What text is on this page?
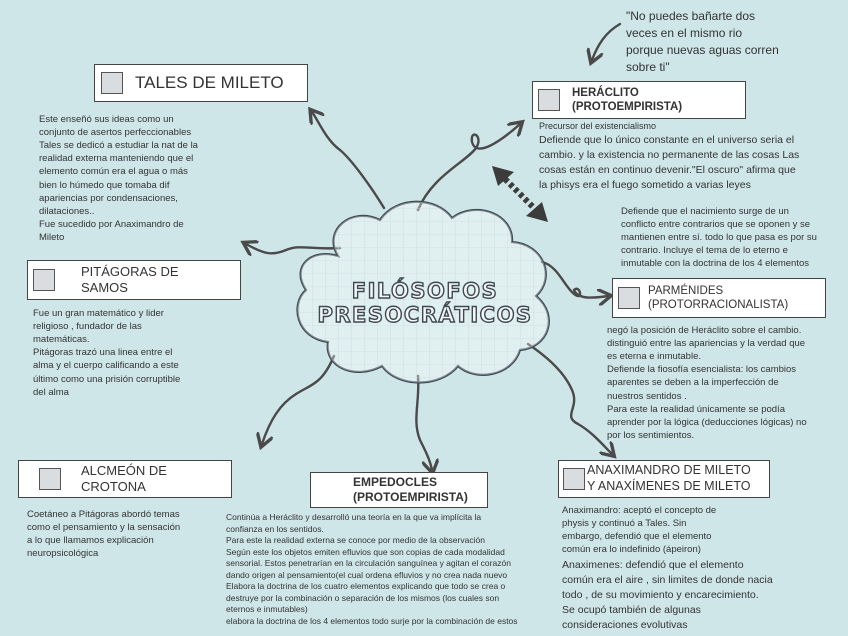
FILÓSOFOS
PRESOCRÁTICOS
"No puedes bañarte dos
veces en el mismo rio
porque nuevas aguas corren
sobre ti"
TALES DE MILETO
Este enseñó sus ideas como un
conjunto de asertos perfeccionables
Tales se dedicó a estudiar la nat de la
realidad externa manteniendo que el
elemento común era el agua o más
bien lo húmedo que tomaba dif
apariencias por condensaciones,
dilataciones..
Fue sucedido por Anaximandro de
Mileto
HERÁCLITO
(PROTOEMPIRISTA)
Precursor del existencialismo
Defiende que lo único constante en el universo seria el
cambio. y la existencia no permanente de las cosas Las
cosas están en continuo devenir."El oscuro" afirma que
la phisys era el fuego sometido a varias leyes
PITÁGORAS DE
SAMOS
Fue un gran matemático y lider
religioso , fundador de las
matemáticas.
Pitágoras trazó una linea entre el
alma y el cuerpo calificando a este
último como una prisión corruptible
del alma
Defiende que el nacimiento surge de un
conflicto entre contrarios que se oponen y se
mantienen entre sí. todo lo que pasa es por su
contrario. Incluye el tema de lo eterno e
inmutable con la doctrina de los 4 elementos
PARMÉNIDES
(PROTORRACIONALISTA)
negó la posición de Heráclito sobre el cambio.
distinguió entre las apariencias y la verdad que
es eterna e inmutable.
Defiende la fiosofía esencialista: los cambios
aparentes se deben a la imperfección de
nuestros sentidos .
Para este la realidad únicamente se podía
aprender por la lógica (deducciones lógicas) no
por los sentimientos.
ALCMEÓN DE
CROTONA
Coetáneo a Pitágoras abordó temas
como el pensamiento y la sensación
a lo que llamamos explicación
neuropsicológica
EMPEDOCLES
(PROTOEMPIRISTA)
Continúa a Heráclito y desarrolló una teoría en la que va implícita la
confianza en los sentidos.
Para este la realidad externa se conoce por medio de la observación
Según este los objetos emiten efluvios que son copias de cada modalidad
sensorial. Estos penetrarían en la circulación sanguínea y agitan el corazón
dando origen al pensamiento(el cual ordena efluvios y no crea nada nuevo
Elabora la doctrina de los cuatro elementos explicando que todo se crea o
destruye por la combinación o separación de los mismos (los cuales son
eternos e inmutables)
elabora la doctrina de los 4 elementos todo surje por la combinación de estos
ANAXIMANDRO DE MILETO
Y ANAXÍMENES DE MILETO
Anaximandro: aceptó el concepto de
physis y continuó a Tales. Sin
embargo, defendió que el elemento
común era lo indefinido (ápeiron)
Anaximenes: defendió que el elemento
común era el aire , sin limites de donde nacia
todo , de su movimiento y encarecimiento.
Se ocupó también de algunas
consideraciones evolutivas
